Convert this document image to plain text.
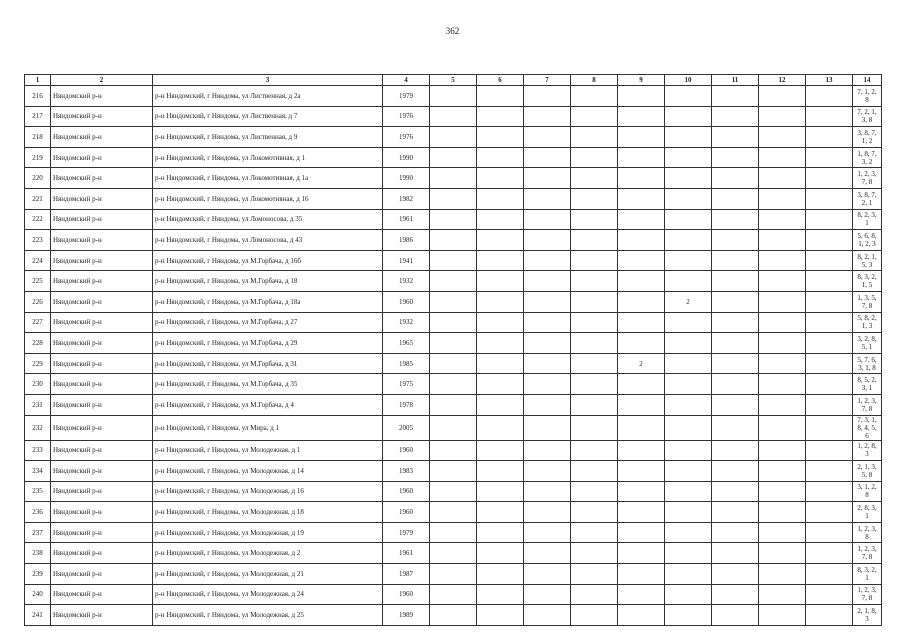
362
1	2	3	4	5	6	7	8	9	10	11	12	13	14
216	Няндомский р-н	р-н Няндомский, г Няндома, ул Лиственная, д 2а	1979										7, 1, 2, 8
217	Няндомский р-н	р-н Няндомский, г Няндома, ул Лиственная, д 7	1976										7, 2, 1, 3, 8
218	Няндомский р-н	р-н Няндомский, г Няндома, ул Лиственная, д 9	1976										3, 8, 7, 1, 2
219	Няндомский р-н	р-н Няндомский, г Няндома, ул Локомотивная, д 1	1990										1, 8, 7, 3, 2
220	Няндомский р-н	р-н Няндомский, г Няндома, ул Локомотивная, д 1а	1990										1, 2, 3, 7, 8
221	Няндомский р-н	р-н Няндомский, г Няндома, ул Локомотивная, д 16	1982										3, 8, 7, 2, 1
222	Няндомский р-н	р-н Няндомский, г Няндома, ул Ломоносова, д 35	1961										8, 2, 3, 1
223	Няндомский р-н	р-н Няндомский, г Няндома, ул Ломоносова, д 43	1986										5, 6, 8, 1, 2, 3
224	Няндомский р-н	р-н Няндомский, г Няндома, ул М.Горбача, д 16б	1941										8, 2, 1, 5, 3
225	Няндомский р-н	р-н Няндомский, г Няндома, ул М.Горбача, д 18	1932										8, 3, 2, 1, 5
226	Няндомский р-н	р-н Няндомский, г Няндома, ул М.Горбача, д 18а	1960						2				1, 3, 5, 7, 8
227	Няндомский р-н	р-н Няндомский, г Няндома, ул М.Горбача, д 27	1932										5, 8, 2, 1, 3
228	Няндомский р-н	р-н Няндомский, г Няндома, ул М.Горбача, д 29	1965										3, 2, 8, 5, 1
229	Няндомский р-н	р-н Няндомский, г Няндома, ул М.Горбача, д 31	1985					2					5, 7, 6, 3, 1, 8
230	Няндомский р-н	р-н Няндомский, г Няндома, ул М.Горбача, д 35	1975										8, 5, 2, 3, 1
231	Няндомский р-н	р-н Няндомский, г Няндома, ул М.Горбача, д 4	1978										1, 2, 3, 7, 8
232	Няндомский р-н	р-н Няндомский, г Няндома, ул Мира, д 1	2005										7, 3, 1, 8, 4, 5, 6
233	Няндомский р-н	р-н Няндомский, г Няндома, ул Молодежная, д 1	1960										1, 2, 8, 3
234	Няндомский р-н	р-н Няндомский, г Няндома, ул Молодежная, д 14	1983										2, 1, 3, 5, 8
235	Няндомский р-н	р-н Няндомский, г Няндома, ул Молодежная, д 16	1960										3, 1, 2, 8
236	Няндомский р-н	р-н Няндомский, г Няндома, ул Молодежная, д 18	1960										2, 8, 3, 1
237	Няндомский р-н	р-н Няндомский, г Няндома, ул Молодежная, д 19	1979										1, 2, 3, 8
238	Няндомский р-н	р-н Няндомский, г Няндома, ул Молодежная, д 2	1961										1, 2, 3, 7, 8
239	Няндомский р-н	р-н Няндомский, г Няндома, ул Молодежная, д 21	1987										8, 3, 2, 1
240	Няндомский р-н	р-н Няндомский, г Няндома, ул Молодежная, д 24	1960										1, 2, 3, 7, 8
241	Няндомский р-н	р-н Няндомский, г Няндома, ул Молодежная, д 25	1989										2, 1, 8, 3
